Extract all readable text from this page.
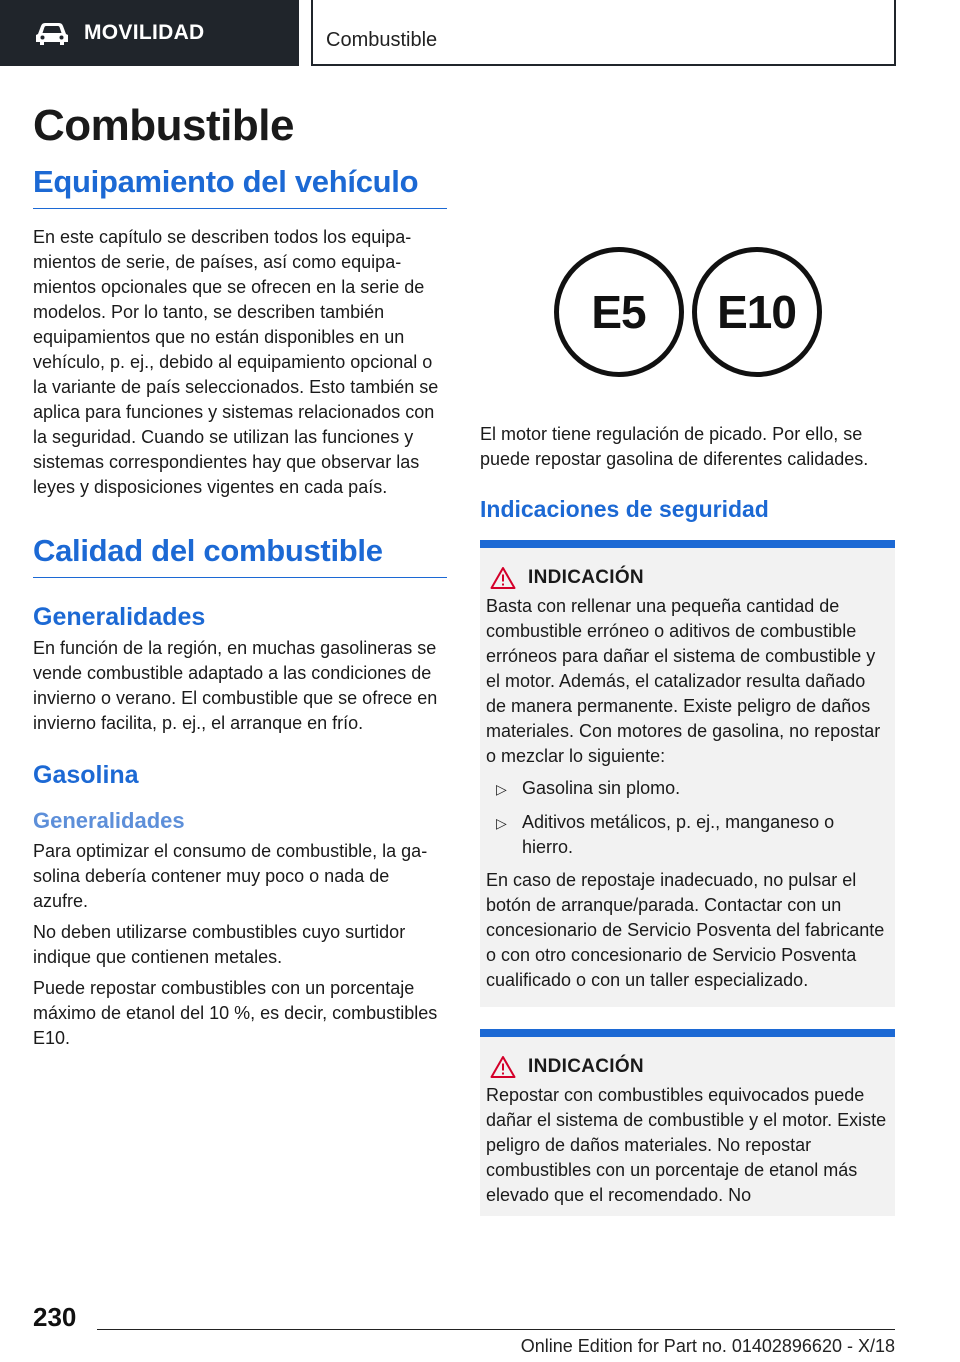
MOVILIDAD	Combustible
Combustible
Equipamiento del vehículo

En este capítulo se describen todos los equipamientos de serie, de países, así como equipamientos opcionales que se ofrecen en la serie de modelos. Por lo tanto, se describen también equipamientos que no están disponibles en un vehículo, p. ej., debido al equipamiento opcional o la variante de país seleccionados. Esto también se aplica para funciones y sistemas relacionados con la seguridad. Cuando se utilizan las funciones y sistemas correspondientes hay que observar las leyes y disposiciones vigentes en cada país.

Calidad del combustible
Generalidades

En función de la región, en muchas gasolineras se vende combustible adaptado a las condiciones de invierno o verano. El combustible que se ofrece en invierno facilita, p. ej., el arranque en frío.

Gasolina
Generalidades

Para optimizar el consumo de combustible, la gasolina debería contener muy poco o nada de azufre.

No deben utilizarse combustibles cuyo surtidor indique que contienen metales.

Puede repostar combustibles con un porcentaje máximo de etanol del 10 %, es decir, combustibles E10.

E5	E10

El motor tiene regulación de picado. Por ello, se puede repostar gasolina de diferentes calidades.

Indicaciones de seguridad
INDICACIÓN

Basta con rellenar una pequeña cantidad de combustible erróneo o aditivos de combustible erróneos para dañar el sistema de combustible y el motor. Además, el catalizador resulta dañado de manera permanente. Existe peligro de daños materiales. Con motores de gasolina, no repostar o mezclar lo siguiente:

▷ Gasolina sin plomo.
▷ Aditivos metálicos, p. ej., manganeso o hierro.

En caso de repostaje inadecuado, no pulsar el botón de arranque/parada. Contactar con un concesionario de Servicio Posventa del fabricante o con otro concesionario de Servicio Posventa cualificado o con un taller especializado.

INDICACIÓN

Repostar con combustibles equivocados puede dañar el sistema de combustible y el motor. Existe peligro de daños materiales. No repostar combustibles con un porcentaje de etanol más elevado que el recomendado. No

230
Online Edition for Part no. 01402896620 - X/18
